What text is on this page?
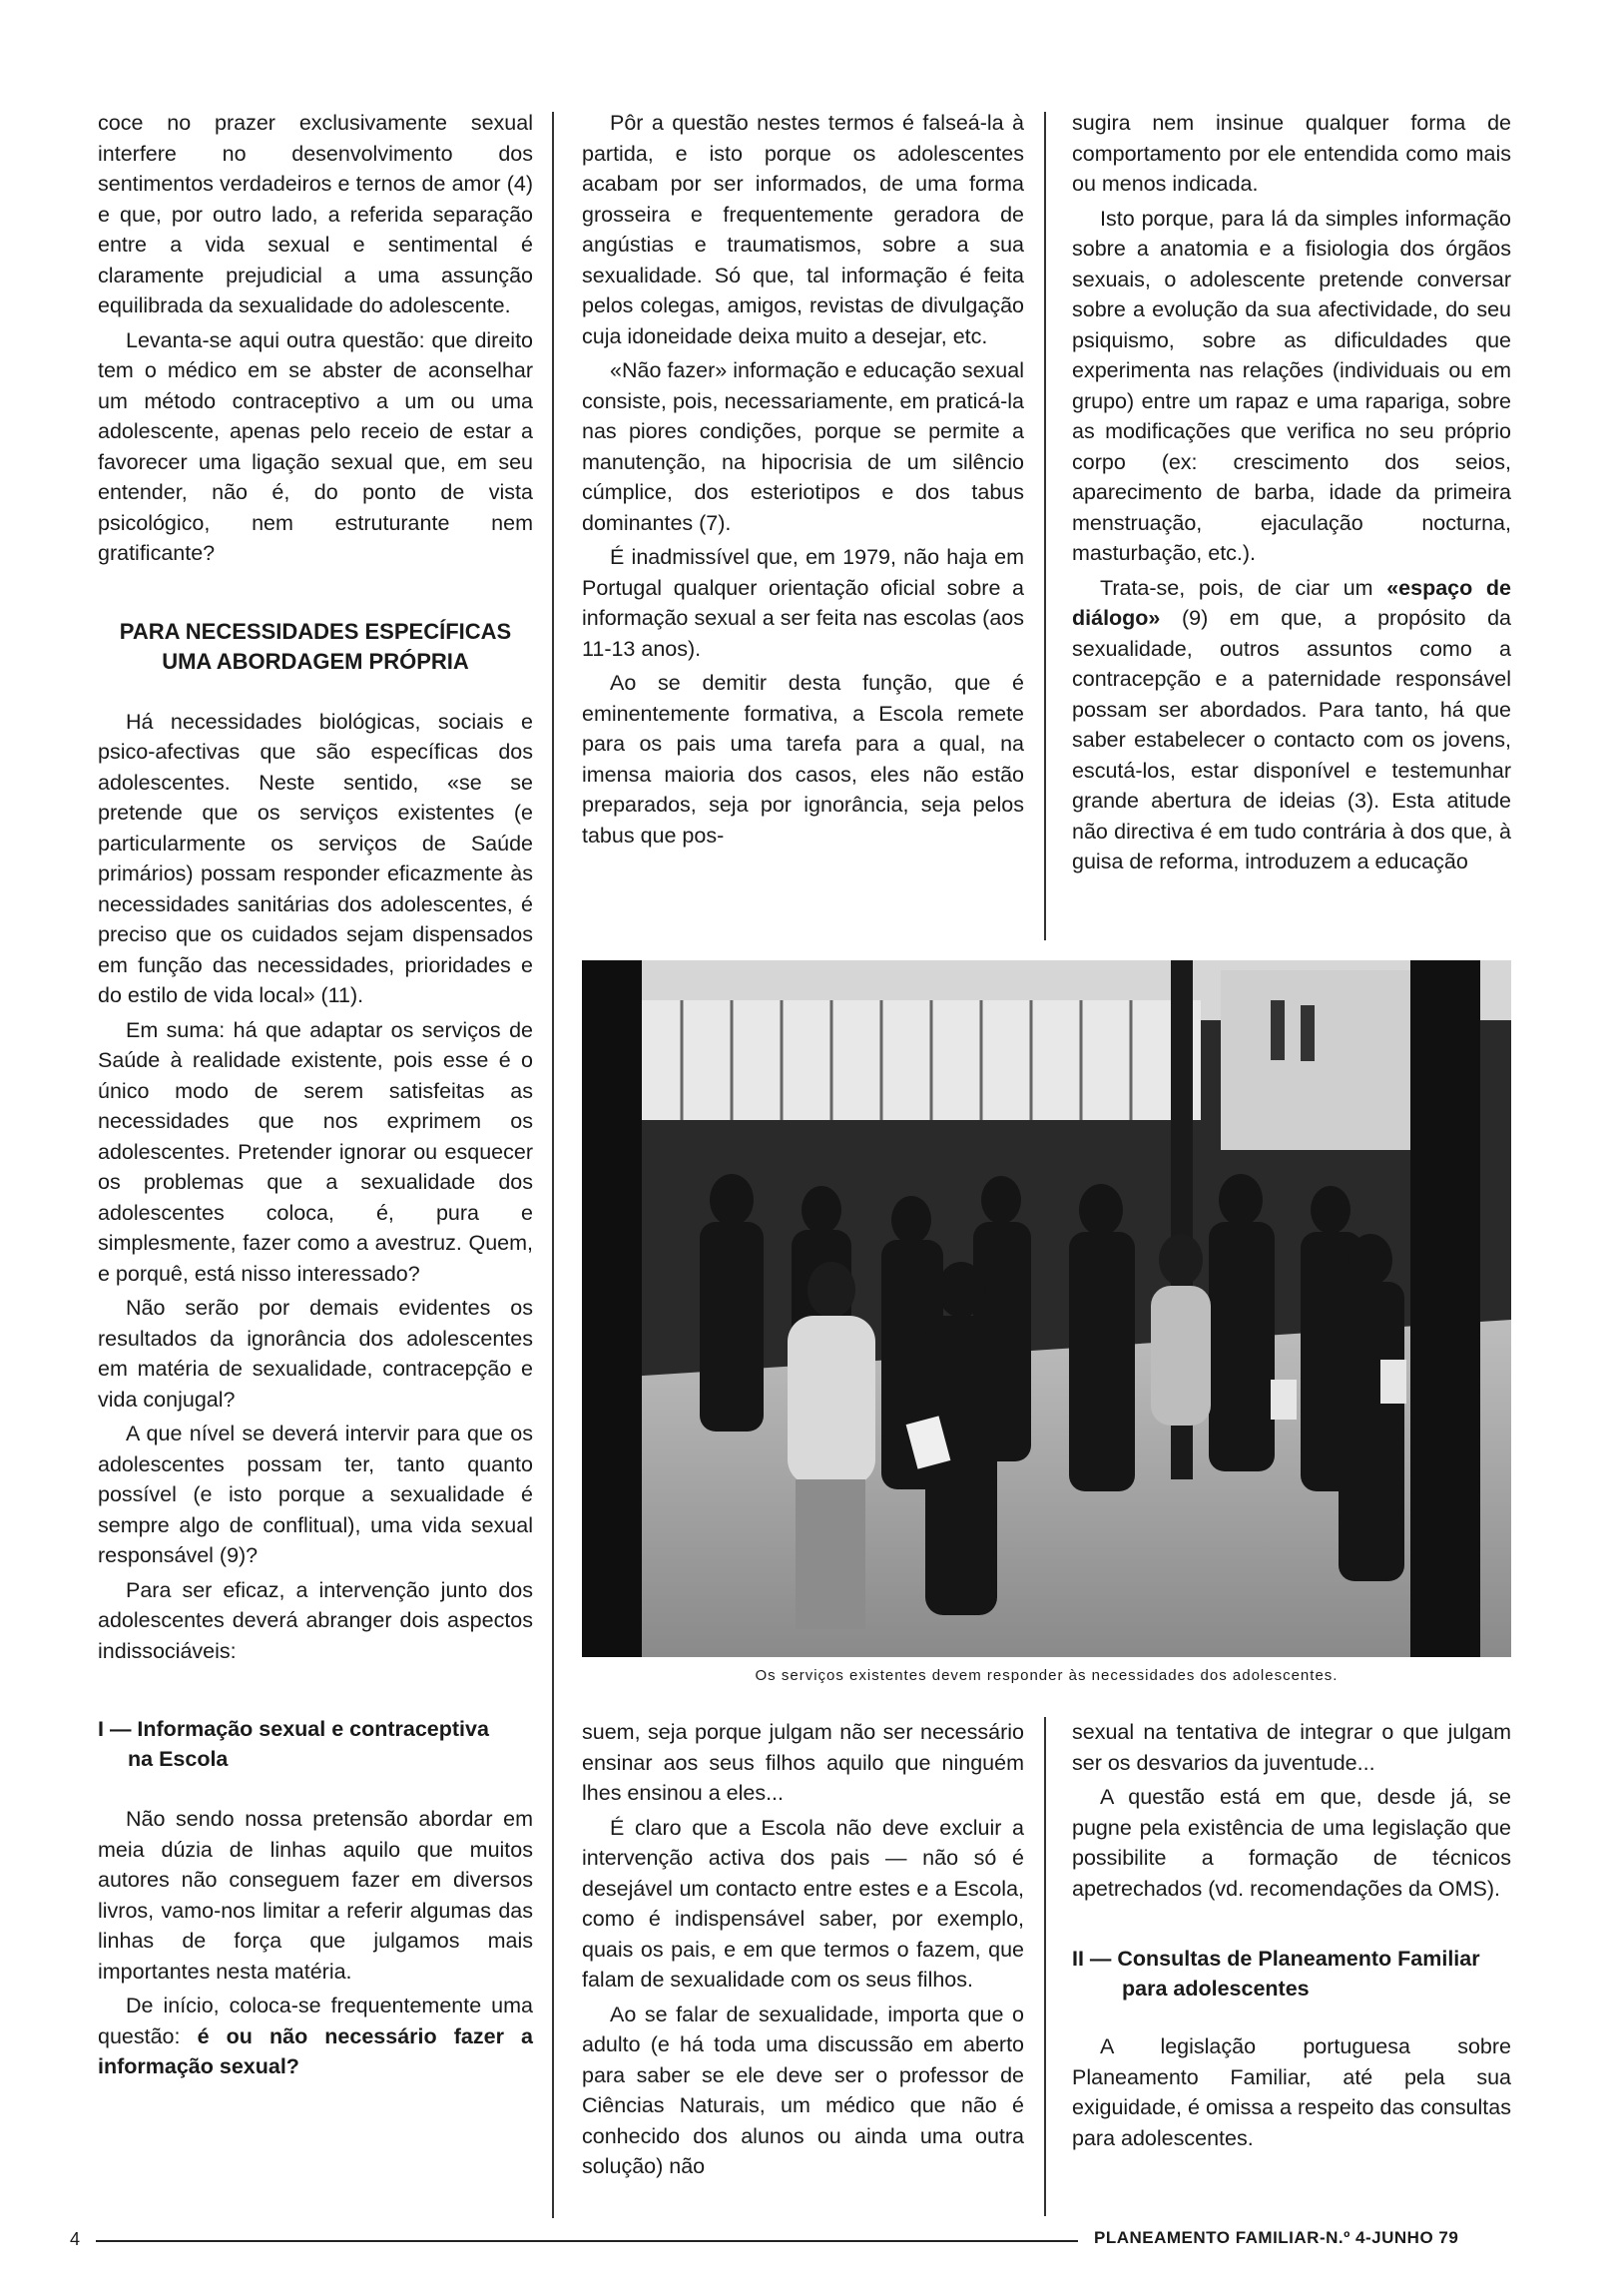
coce no prazer exclusivamente sexual interfere no desenvolvimento dos sentimentos verdadeiros e ternos de amor (4) e que, por outro lado, a referida separação entre a vida sexual e sentimental é claramente prejudicial a uma assunção equilibrada da sexualidade do adolescente.

Levanta-se aqui outra questão: que direito tem o médico em se abster de aconselhar um método contraceptivo a um ou uma adolescente, apenas pelo receio de estar a favorecer uma ligação sexual que, em seu entender, não é, do ponto de vista psicológico, nem estruturante nem gratificante?

PARA NECESSIDADES ESPECÍFICAS
UMA ABORDAGEM PRÓPRIA

Há necessidades biológicas, sociais e psico-afectivas que são específicas dos adolescentes. Neste sentido, «se se pretende que os serviços existentes (e particularmente os serviços de Saúde primários) possam responder eficazmente às necessidades sanitárias dos adolescentes, é preciso que os cuidados sejam dispensados em função das necessidades, prioridades e do estilo de vida local» (11).

Em suma: há que adaptar os serviços de Saúde à realidade existente, pois esse é o único modo de serem satisfeitas as necessidades que nos exprimem os adolescentes. Pretender ignorar ou esquecer os problemas que a sexualidade dos adolescentes coloca, é, pura e simplesmente, fazer como a avestruz. Quem, e porquê, está nisso interessado?

Não serão por demais evidentes os resultados da ignorância dos adolescentes em matéria de sexualidade, contracepção e vida conjugal?

A que nível se deverá intervir para que os adolescentes possam ter, tanto quanto possível (e isto porque a sexualidade é sempre algo de conflitual), uma vida sexual responsável (9)?

Para ser eficaz, a intervenção junto dos adolescentes deverá abranger dois aspectos indissociáveis:

I — Informação sexual e contraceptiva
na Escola

Não sendo nossa pretensão abordar em meia dúzia de linhas aquilo que muitos autores não conseguem fazer em diversos livros, vamo-nos limitar a referir algumas das linhas de força que julgamos mais importantes nesta matéria.

De início, coloca-se frequentemente uma questão: é ou não necessário fazer a informação sexual?

Pôr a questão nestes termos é falseá-la à partida, e isto porque os adolescentes acabam por ser informados, de uma forma grosseira e frequentemente geradora de angústias e traumatismos, sobre a sua sexualidade. Só que, tal informação é feita pelos colegas, amigos, revistas de divulgação cuja idoneidade deixa muito a desejar, etc.

«Não fazer» informação e educação sexual consiste, pois, necessariamente, em praticá-la nas piores condições, porque se permite a manutenção, na hipocrisia de um silêncio cúmplice, dos esteriotipos e dos tabus dominantes (7).

É inadmissível que, em 1979, não haja em Portugal qualquer orientação oficial sobre a informação sexual a ser feita nas escolas (aos 11-13 anos).

Ao se demitir desta função, que é eminentemente formativa, a Escola remete para os pais uma tarefa para a qual, na imensa maioria dos casos, eles não estão preparados, seja por ignorância, seja pelos tabus que pos-

sugira nem insinue qualquer forma de comportamento por ele entendida como mais ou menos indicada.

Isto porque, para lá da simples informação sobre a anatomia e a fisiologia dos órgãos sexuais, o adolescente pretende conversar sobre a evolução da sua afectividade, do seu psiquismo, sobre as dificuldades que experimenta nas relações (individuais ou em grupo) entre um rapaz e uma rapariga, sobre as modificações que verifica no seu próprio corpo (ex: crescimento dos seios, aparecimento de barba, idade da primeira menstruação, ejaculação nocturna, masturbação, etc.).

Trata-se, pois, de ciar um «espaço de diálogo» (9) em que, a propósito da sexualidade, outros assuntos como a contracepção e a paternidade responsável possam ser abordados. Para tanto, há que saber estabelecer o contacto com os jovens, escutá-los, estar disponível e testemunhar grande abertura de ideias (3). Esta atitude não directiva é em tudo contrária à dos que, à guisa de reforma, introduzem a educação

Os serviços existentes devem responder às necessidades dos adolescentes.

suem, seja porque julgam não ser necessário ensinar aos seus filhos aquilo que ninguém lhes ensinou a eles...

É claro que a Escola não deve excluir a intervenção activa dos pais — não só é desejável um contacto entre estes e a Escola, como é indispensável saber, por exemplo, quais os pais, e em que termos o fazem, que falam de sexualidade com os seus filhos.

Ao se falar de sexualidade, importa que o adulto (e há toda uma discussão em aberto para saber se ele deve ser o professor de Ciências Naturais, um médico que não é conhecido dos alunos ou ainda uma outra solução) não

sexual na tentativa de integrar o que julgam ser os desvarios da juventude...

A questão está em que, desde já, se pugne pela existência de uma legislação que possibilite a formação de técnicos apetrechados (vd. recomendações da OMS).

II — Consultas de Planeamento Familiar
para adolescentes

A legislação portuguesa sobre Planeamento Familiar, até pela sua exiguidade, é omissa a respeito das consultas para adolescentes.

4	PLANEAMENTO FAMILIAR-N.º 4-JUNHO 79
